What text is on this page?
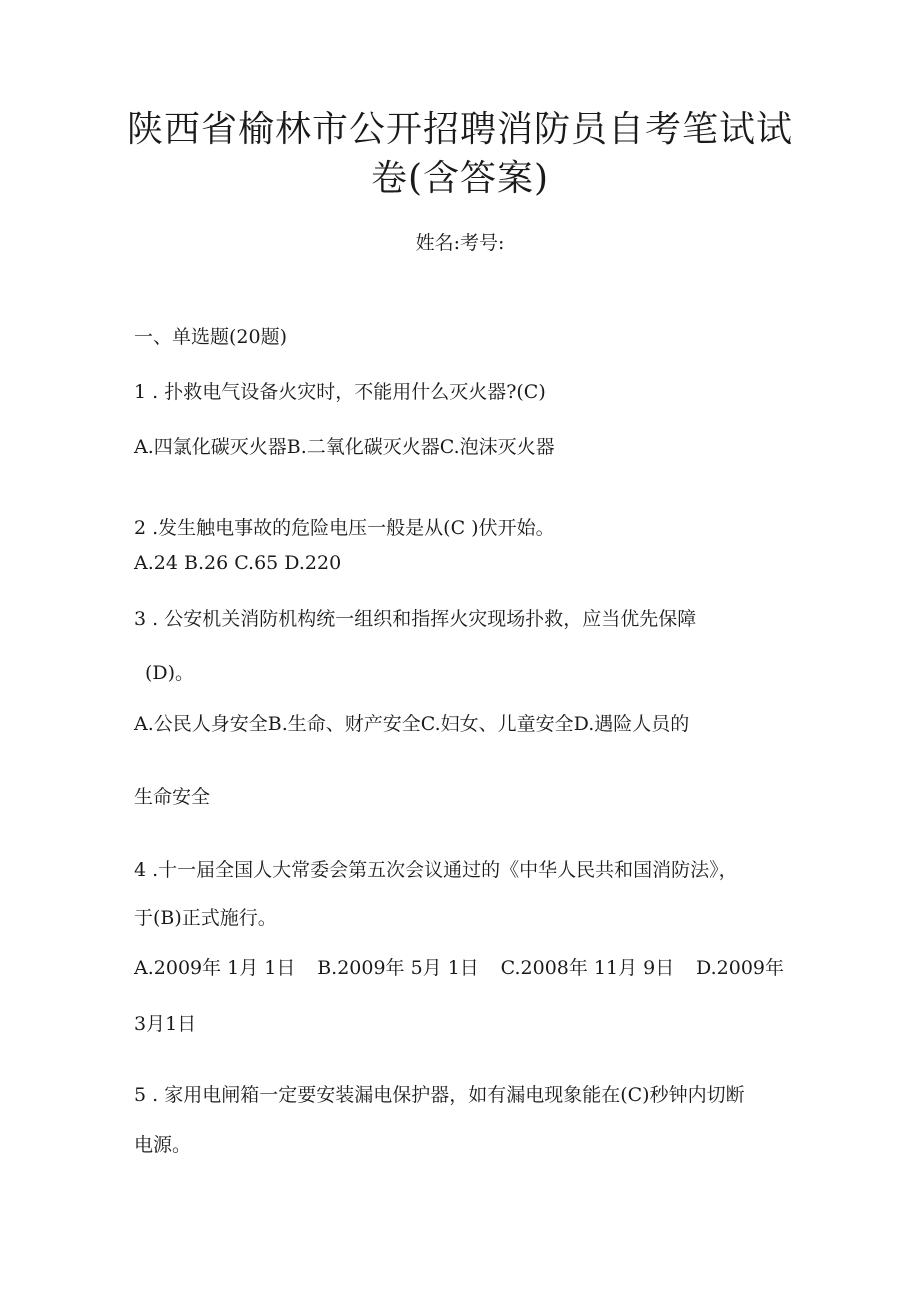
陕西省榆林市公开招聘消防员自考笔试试
卷(含答案)
姓名:考号:

一、单选题(20题)

1 . 扑救电气设备火灾时，不能用什么灭火器?(C)

A.四氯化碳灭火器B.二氧化碳灭火器C.泡沫灭火器

2 .发生触电事故的危险电压一般是从(C )伏开始。

A.24 B.26 C.65 D.220

3 . 公安机关消防机构统一组织和指挥火灾现场扑救，应当优先保障

(D)。

A.公民人身安全B.生命、财产安全C.妇女、儿童安全D.遇险人员的

生命安全

4 .十一届全国人大常委会第五次会议通过的《中华人民共和国消防法》，

于(B)正式施行。

A.2009年 1月 1日 B.2009年 5月 1日 C.2008年 11月 9日 D.2009年

3月1日

5 . 家用电闸箱一定要安装漏电保护器，如有漏电现象能在(C)秒钟内切断

电源。
